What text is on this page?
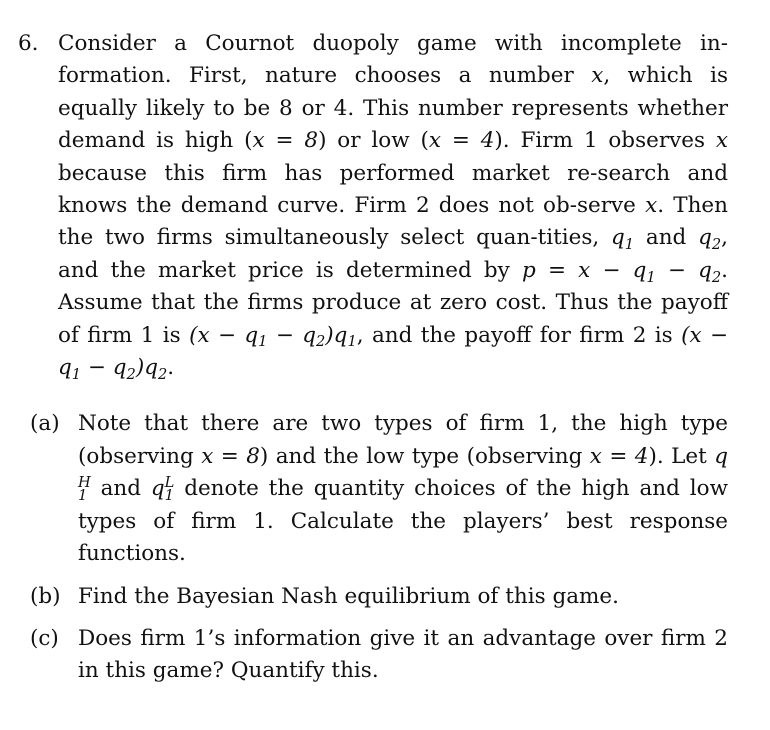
6. Consider a Cournot duopoly game with incomplete in-formation. First, nature chooses a number x, which is equally likely to be 8 or 4. This number represents whether demand is high (x = 8) or low (x = 4). Firm 1 observes x because this firm has performed market re-search and knows the demand curve. Firm 2 does not ob-serve x. Then the two firms simultaneously select quan-tities, $q_1$ and $q_2$, and the market price is determined by $p = x - q_1 - q_2$. Assume that the firms produce at zero cost. Thus the payoff of firm 1 is $(x - q_1 - q_2)q_1$, and the payoff for firm 2 is $(x - q_1 - q_2)q_2$.
(a) Note that there are two types of firm 1, the high type (observing x = 8) and the low type (observing x = 4). Let q
H
1 and q L
1 denote the quantity choices of the high and low types of firm 1. Calculate the players’ best response functions.
(b) Find the Bayesian Nash equilibrium of this game.
(c) Does firm 1’s information give it an advantage over firm 2 in this game? Quantify this.
